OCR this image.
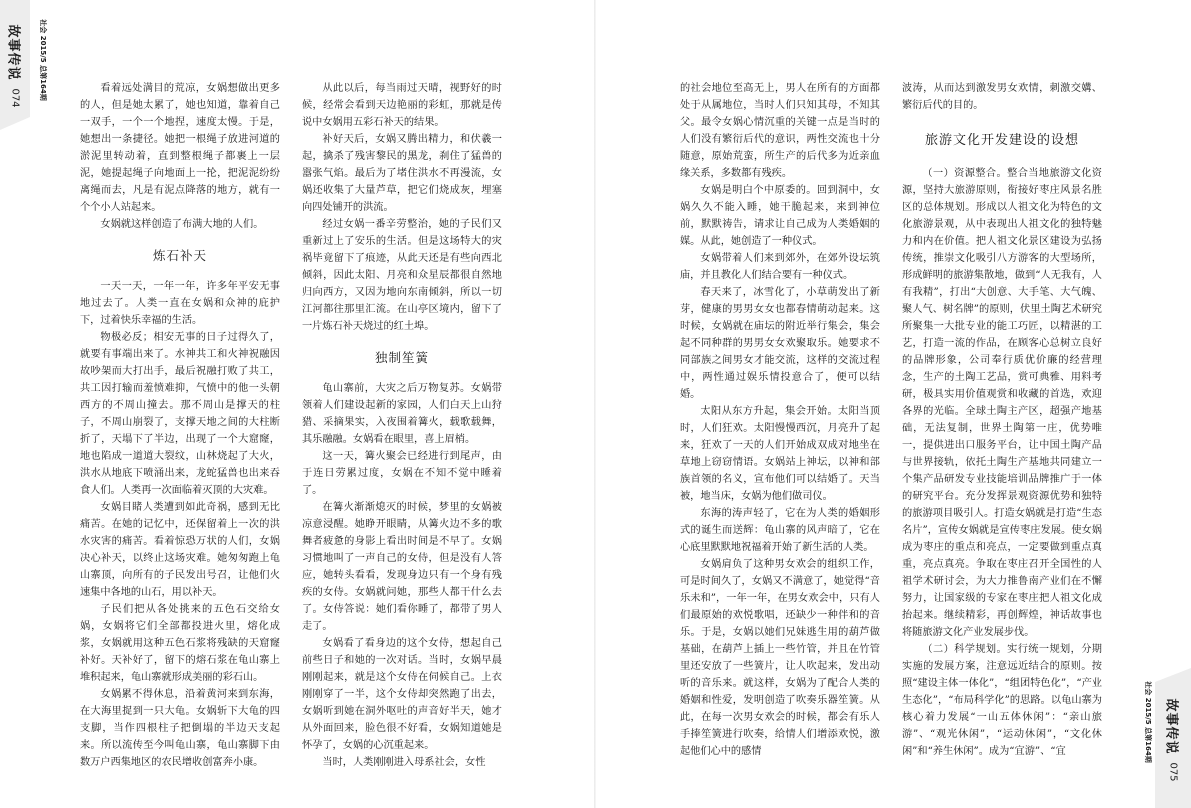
故事传说
074	社会 2015/5 总第164期	看着远处满目的荒凉，女娲想做出更多的人，但是她太累了，她也知道，靠着自己一双手，一个一个地捏，速度太慢。于是，她想出一条捷径。她把一根绳子放进河道的淤泥里转动着，直到整根绳子都裹上一层泥，她提起绳子向地面上一抡，把泥泥纷纷离绳而去，凡是有泥点降落的地方，就有一个个小人站起来。

女娲就这样创造了布满大地的人们。

炼石补天

一天一天，一年一年，许多年平安无事地过去了。人类一直在女娲和众神的庇护下，过着快乐幸福的生活。

物极必反；相安无事的日子过得久了，就要有事端出来了。水神共工和火神祝融因故吵架而大打出手，最后祝融打败了共工，共工因打输而羞愤难抑，气愤中的他一头朝西方的不周山撞去。那不周山是撑天的柱子，不周山崩裂了，支撑天地之间的大柱断折了，天塌下了半边，出现了一个大窟窿，地也陷成一道道大裂纹，山林烧起了大火，洪水从地底下喷涌出来，龙蛇猛兽也出来吞食人们。人类再一次面临着灭顶的大灾难。

女娲目睹人类遭到如此奇祸，感到无比痛苦。在她的记忆中，还保留着上一次的洪水灾害的痛苦。看着惊恐万状的人们，女娲决心补天，以终止这场灾难。她匆匆跑上龟山寨顶，向所有的子民发出号召，让他们火速集中各地的山石，用以补天。

子民们把从各处挑来的五色石交给女娲，女娲将它们全部都投进火里，熔化成浆，女娲就用这种五色石浆将残缺的天窟窿补好。天补好了，留下的熔石浆在龟山寨上堆积起来，龟山寨就形成美丽的彩石山。

女娲累不得休息，沿着黄河来到东海，在大海里捉到一只大龟。女娲斩下大龟的四支脚，当作四根柱子把倒塌的半边天支起来。所以流传至今叫龟山寨，龟山寨脚下由数万户西集地区的农民增收创富奔小康。

从此以后，每当雨过天晴，视野好的时候，经常会看到天边艳丽的彩虹，那就是传说中女娲用五彩石补天的结果。

补好天后，女娲又腾出精力，和伏羲一起，擒杀了残害黎民的黑龙，刹住了猛兽的嚣张气焰。最后为了堵住洪水不再漫流，女娲还收集了大量芦草，把它们烧成灰，埋塞向四处铺开的洪流。

经过女娲一番辛劳整治，她的子民们又重新过上了安乐的生活。但是这场特大的灾祸毕竟留下了痕迹，从此天还是有些向西北倾斜，因此太阳、月亮和众星辰都很自然地归向西方，又因为地向东南倾斜，所以一切江河都往那里汇流。在山亭区境内，留下了一片炼石补天烧过的红土埠。

独制笙簧

龟山寨前，大灾之后万物复苏。女娲带领着人们建设起新的家园，人们白天上山狩猎、采摘果实，入夜围着篝火，载歌载舞，其乐融融。女娲看在眼里，喜上眉梢。

这一天，篝火聚会已经进行到尾声，由于连日劳累过度，女娲在不知不觉中睡着了。

在篝火渐渐熄灭的时候，梦里的女娲被凉意浸醒。她睁开眼睛，从篝火边不多的歌舞者疲惫的身影上看出时间是不早了。女娲习惯地叫了一声自己的女侍，但是没有人答应，她转头看看，发现身边只有一个身有残疾的女侍。女娲就问她，那些人都干什么去了。女侍答说：她们看你睡了，都带了男人走了。

女娲看了看身边的这个女侍，想起自己前些日子和她的一次对话。当时，女娲早晨刚刚起来，就是这个女侍在伺候自己。上衣刚刚穿了一半，这个女侍却突然跑了出去，女娲听到她在洞外呕吐的声音好半天，她才从外面回来，脸色很不好看，女娲知道她是怀孕了，女娲的心沉重起来。

当时，人类刚刚进入母系社会，女性

故事传说
075
社会 2015/5 总第164期

的社会地位至高无上，男人在所有的方面都处于从属地位，当时人们只知其母，不知其父。最令女娲心情沉重的关键一点是当时的人们没有繁衍后代的意识，两性交流也十分随意，原始荒蛮，所生产的后代多为近亲血缘关系，多数都有残疾。

女娲是明白个中原委的。回到洞中，女娲久久不能入睡，她干脆起来，来到神位前，默默祷告，请求让自己成为人类婚姻的媒。从此，她创造了一种仪式。

女娲带着人们来到郊外，在郊外设坛筑庙，并且教化人们结合要有一种仪式。

春天来了，冰雪化了，小草萌发出了新芽，健康的男男女女也都春情萌动起来。这时候，女娲就在庙坛的附近举行集会，集会起不同种群的男男女女欢聚取乐。她要求不同部族之间男女才能交流，这样的交流过程中，两性通过娱乐情投意合了，便可以结婚。

太阳从东方升起，集会开始。太阳当顶时，人们狂欢。太阳慢慢西沉，月亮升了起来，狂欢了一天的人们开始成双成对地坐在草地上窃窃情语。女娲站上神坛，以神和部族首领的名义，宣布他们可以结婚了。天当被，地当床，女娲为他们做司仪。

东海的涛声轻了，它在为人类的婚姻形式的诞生而送辉：龟山寨的风声暗了，它在心底里默默地祝福着开始了新生活的人类。

女娲肩负了这种男女欢会的组织工作，可是时间久了，女娲又不满意了，她觉得“音乐未和”，一年一年，在男女欢会中，只有人们最原始的欢悦歌唱，还缺少一种伴和的音乐。于是，女娲以她们兄妹逃生用的葫芦做基础，在葫芦上插上一些竹管，并且在竹管里还安放了一些簧片，让人吹起来，发出动听的音乐来。就这样，女娲为了配合人类的婚姻和性爱，发明创造了吹奏乐器笙簧。从此，在每一次男女欢会的时候，都会有乐人手捧笙簧进行吹奏，给情人们增添欢悦，激起他们心中的感情

波涛，从而达到激发男女欢情，刺激交媾、繁衍后代的目的。

旅游文化开发建设的设想

（一）资源整合。整合当地旅游文化资源，坚持大旅游原则，衔接好枣庄风景名胜区的总体规划。形成以人祖文化为特色的文化旅游景观，从中表现出人祖文化的独特魅力和内在价值。把人祖文化景区建设为弘扬传统，推崇文化吸引八方游客的大型场所，形成鲜明的旅游集散地，做到“人无我有，人有我精”，打出“大创意、大手笔、大气魄、聚人气、树名牌”的原则，伏里土陶艺术研究所聚集一大批专业的能工巧匠，以精湛的工艺，打造一流的作品，在顾客心总树立良好的品牌形象，公司奉行质优价廉的经营理念，生产的土陶工艺品，赏可典雅、用料考研，极具实用价值观赏和收藏的首选，欢迎各界的光临。全球土陶主产区，超强产地基础，无法复制，世界土陶第一庄，优势唯一，提供进出口服务平台，让中国土陶产品与世界接轨，依托土陶生产基地共同建立一个集产品研发专业技能培训品牌推广于一体的研究平台。充分发挥景观资源优势和独特的旅游项目吸引人。打造女娲就是打造“生态名片”，宣传女娲就是宣传枣庄发展。使女娲成为枣庄的重点和亮点，一定要做到重点真重，亮点真亮。争取在枣庄召开全国性的人祖学术研讨会，为大力推鲁南产业们在不懈努力，让国家级的专家在枣庄把人祖文化成抬起来。继续精彩，再创辉煌，神话故事也将随旅游文化产业发展步伐。

（二）科学规划。实行统一规划，分期实施的发展方案，注意远近结合的原则。按照“建设主体一体化”，“组团特色化”，“产业生态化”，“布局科学化”的思路。以龟山寨为核心着力发展“一山五体休闲”：“亲山旅游”、“观光休闲”，“运动休闲”，“文化休闲”和“养生休闲”。成为“宜游”、“宜
